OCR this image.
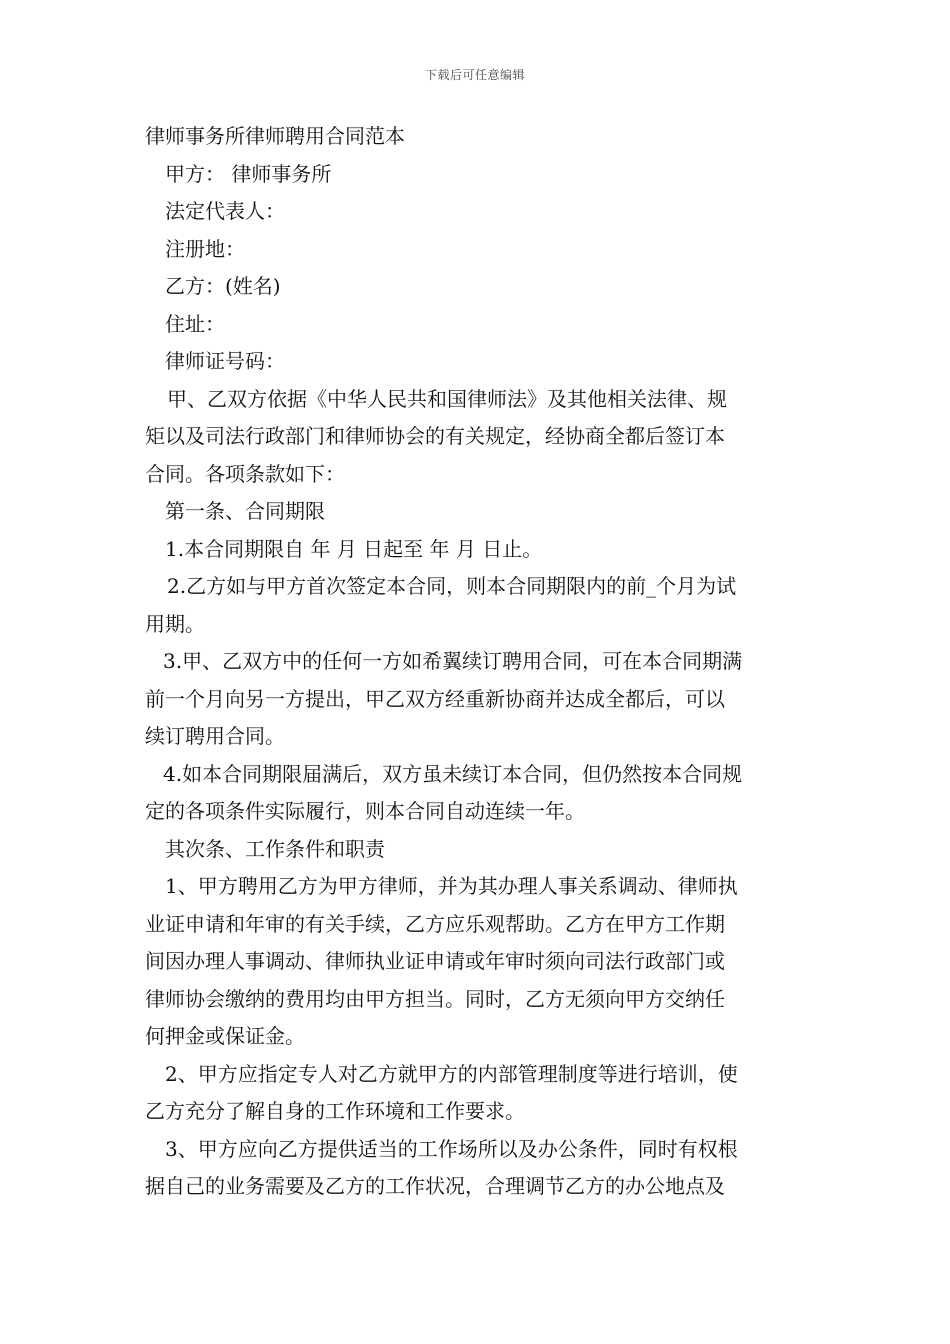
下载后可任意编辑
律师事务所律师聘用合同范本
甲方： 律师事务所
法定代表人：
注册地：
乙方：(姓名)
住址：
律师证号码：
甲、乙双方依据《中华人民共和国律师法》及其他相关法律、规
矩以及司法行政部门和律师协会的有关规定，经协商全都后签订本
合同。各项条款如下：
第一条、合同期限
1.本合同期限自 年 月 日起至 年 月 日止。
2.乙方如与甲方首次签定本合同，则本合同期限内的前_个月为试
用期。
3.甲、乙双方中的任何一方如希翼续订聘用合同，可在本合同期满
前一个月向另一方提出，甲乙双方经重新协商并达成全都后，可以
续订聘用合同。
4.如本合同期限届满后，双方虽未续订本合同，但仍然按本合同规
定的各项条件实际履行，则本合同自动连续一年。
其次条、工作条件和职责
1、甲方聘用乙方为甲方律师，并为其办理人事关系调动、律师执
业证申请和年审的有关手续，乙方应乐观帮助。乙方在甲方工作期
间因办理人事调动、律师执业证申请或年审时须向司法行政部门或
律师协会缴纳的费用均由甲方担当。同时，乙方无须向甲方交纳任
何押金或保证金。
2、甲方应指定专人对乙方就甲方的内部管理制度等进行培训，使
乙方充分了解自身的工作环境和工作要求。
3、甲方应向乙方提供适当的工作场所以及办公条件，同时有权根
据自己的业务需要及乙方的工作状况，合理调节乙方的办公地点及
